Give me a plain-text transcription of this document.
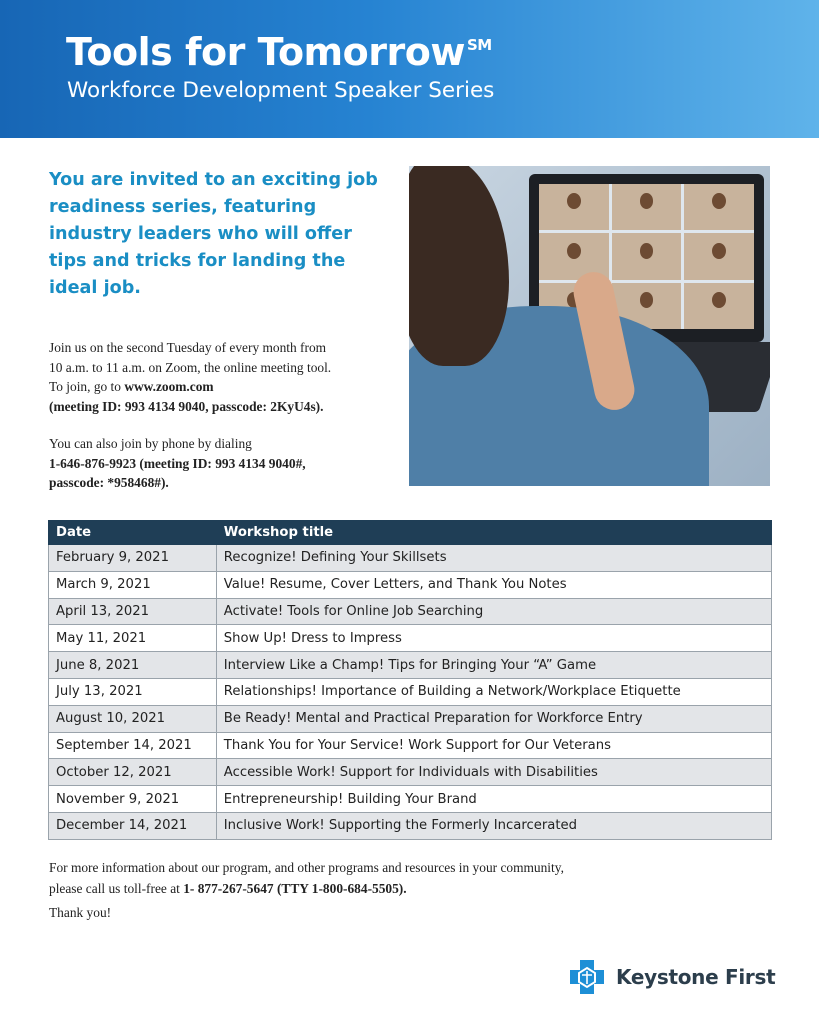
Tools for Tomorrow ℠
Workforce Development Speaker Series
You are invited to an exciting job readiness series, featuring industry leaders who will offer tips and tricks for landing the ideal job.
Join us on the second Tuesday of every month from
10 a.m. to 11 a.m. on Zoom, the online meeting tool.
To join, go to www.zoom.com
(meeting ID: 993 4134 9040, passcode: 2KyU4s).
You can also join by phone by dialing
1-646-876-9923 (meeting ID: 993 4134 9040#,
passcode: *958468#).
Date	Workshop title
February 9, 2021	Recognize! Defining Your Skillsets
March 9, 2021	Value! Resume, Cover Letters, and Thank You Notes
April 13, 2021	Activate! Tools for Online Job Searching
May 11, 2021	Show Up! Dress to Impress
June 8, 2021	Interview Like a Champ! Tips for Bringing Your “A” Game
July 13, 2021	Relationships! Importance of Building a Network/Workplace Etiquette
August 10, 2021	Be Ready! Mental and Practical Preparation for Workforce Entry
September 14, 2021	Thank You for Your Service! Work Support for Our Veterans
October 12, 2021	Accessible Work! Support for Individuals with Disabilities
November 9, 2021	Entrepreneurship! Building Your Brand
December 14, 2021	Inclusive Work! Supporting the Formerly Incarcerated
For more information about our program, and other programs and resources in your community,
please call us toll-free at 1- 877-267-5647 (TTY 1-800-684-5505).
Thank you!
Keystone First
